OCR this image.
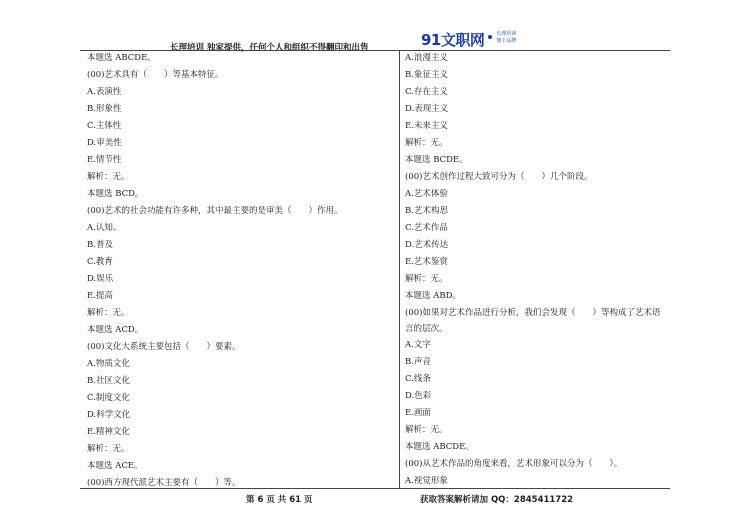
长理培训 独家提供，任何个人和组织不得翻印和出售	91文职网 长理培训
旗下品牌
本题选 ABCDE。
(00)艺术具有（　　）等基本特征。
A.表演性
B.形象性
C.主体性
D.审美性
E.情节性
解析：无。
本题选 BCD。
(00)艺术的社会功能有许多种，其中最主要的是审美（　　）作用。
A.认知、
B.普及
C.教育
D.娱乐
E.提高
解析：无。
本题选 ACD。
(00)文化大系统主要包括（　　）要素。
A.物质文化
B.社区文化
C.制度文化
D.科学文化
E.精神文化
解析：无。
本题选 ACE。
(00)西方现代派艺术主要有（　　）等。
A.浪漫主义
B.象征主义
C.存在主义
D.表现主义
E.未来主义
解析：无。
本题选 BCDE。
(00)艺术创作过程大致可分为（　　）几个阶段。
A.艺术体验
B.艺术构思
C.艺术作品
D.艺术传达
E.艺术鉴赏
解析：无。
本题选 ABD。
(00)如果对艺术作品进行分析，我们会发现（　　）等构成了艺术语言的层次。
A.文字
B.声音
C.线条
D.色彩
E.画面
解析：无。
本题选 ABCDE。
(00)从艺术作品的角度来看，艺术形象可以分为（　　）。
A.视觉形象
第 6 页 共 61 页	获取答案解析请加 QQ：2845411722
